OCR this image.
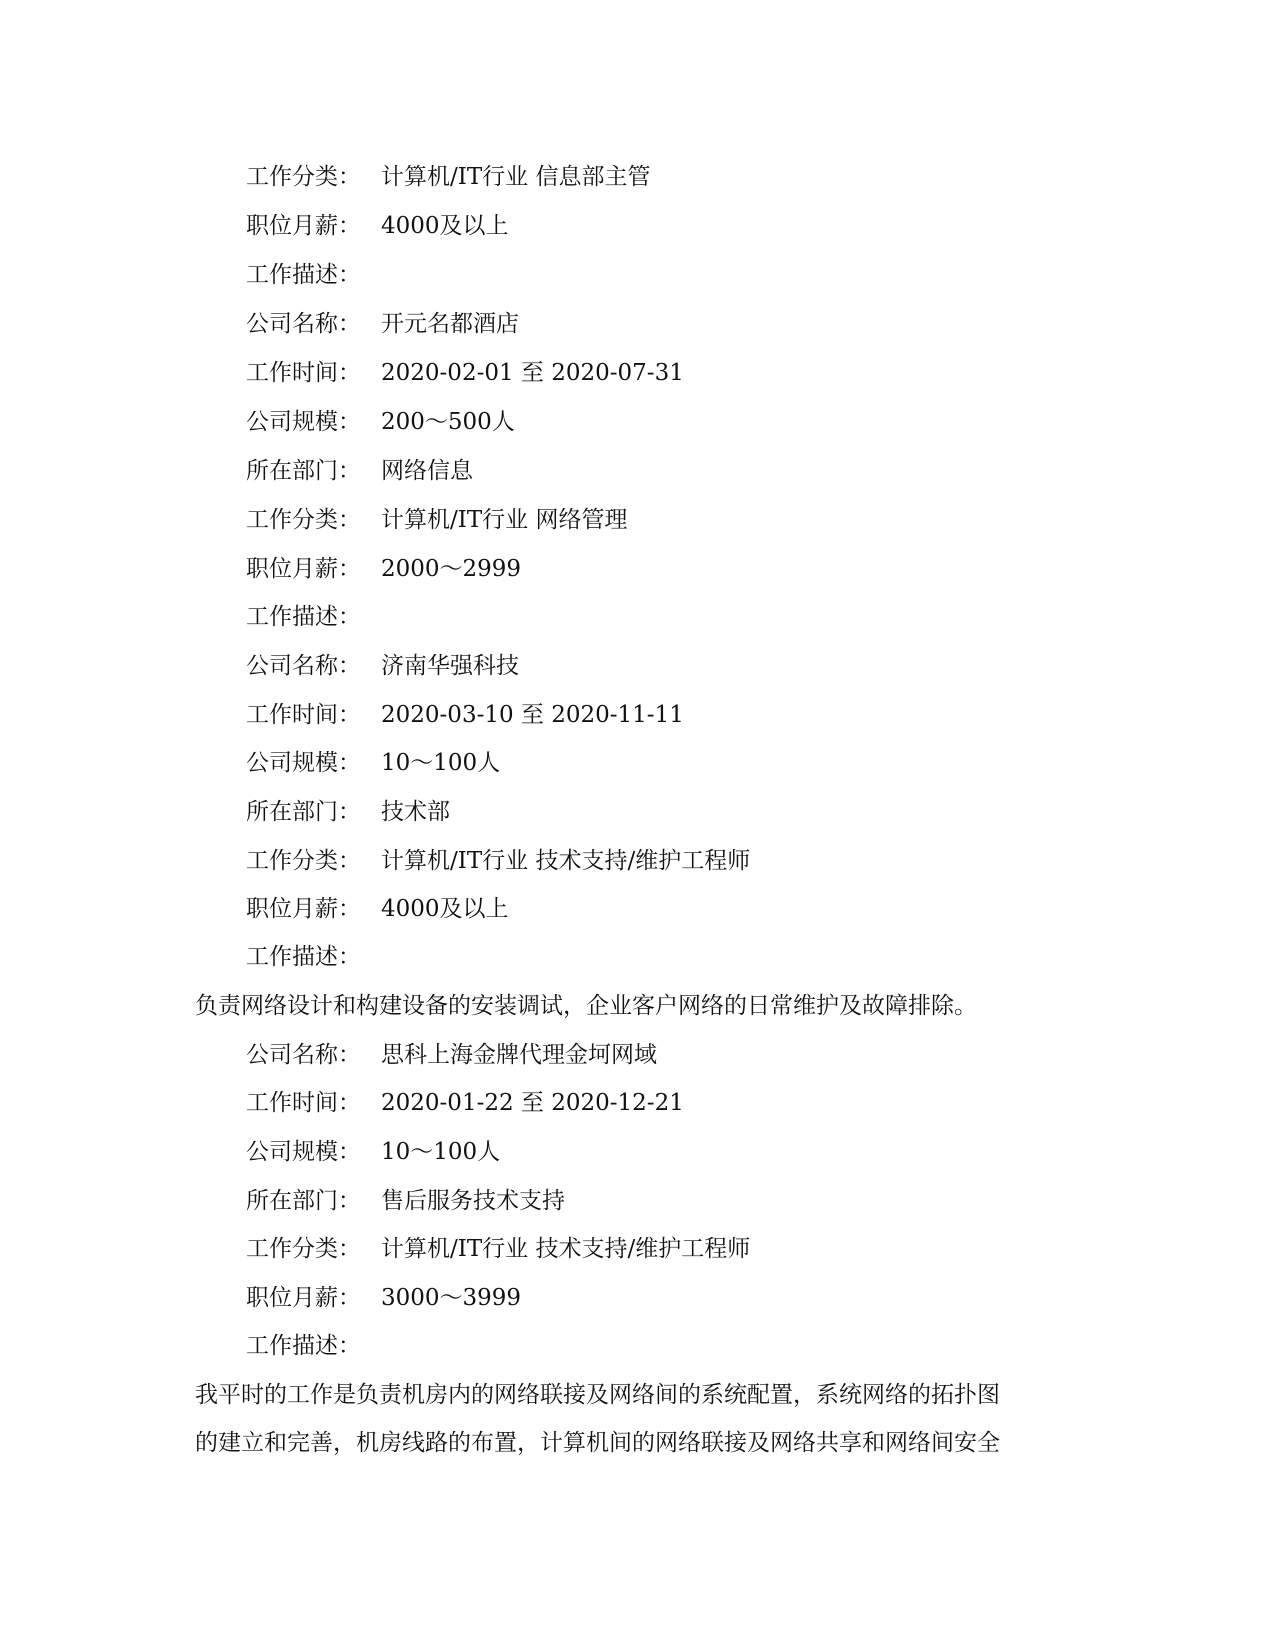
工作分类： 计算机/IT行业 信息部主管
职位月薪： 4000及以上
工作描述：
公司名称： 开元名都酒店
工作时间： 2020-02-01 至 2020-07-31
公司规模： 200～500人
所在部门： 网络信息
工作分类： 计算机/IT行业 网络管理
职位月薪： 2000～2999
工作描述：
公司名称： 济南华强科技
工作时间： 2020-03-10 至 2020-11-11
公司规模： 10～100人
所在部门： 技术部
工作分类： 计算机/IT行业 技术支持/维护工程师
职位月薪： 4000及以上
工作描述：
负责网络设计和构建设备的安装调试，企业客户网络的日常维护及故障排除。
公司名称： 思科上海金牌代理金坷网域
工作时间： 2020-01-22 至 2020-12-21
公司规模： 10～100人
所在部门： 售后服务技术支持
工作分类： 计算机/IT行业 技术支持/维护工程师
职位月薪： 3000～3999
工作描述：
我平时的工作是负责机房内的网络联接及网络间的系统配置，系统网络的拓扑图
的建立和完善，机房线路的布置，计算机间的网络联接及网络共享和网络间安全
